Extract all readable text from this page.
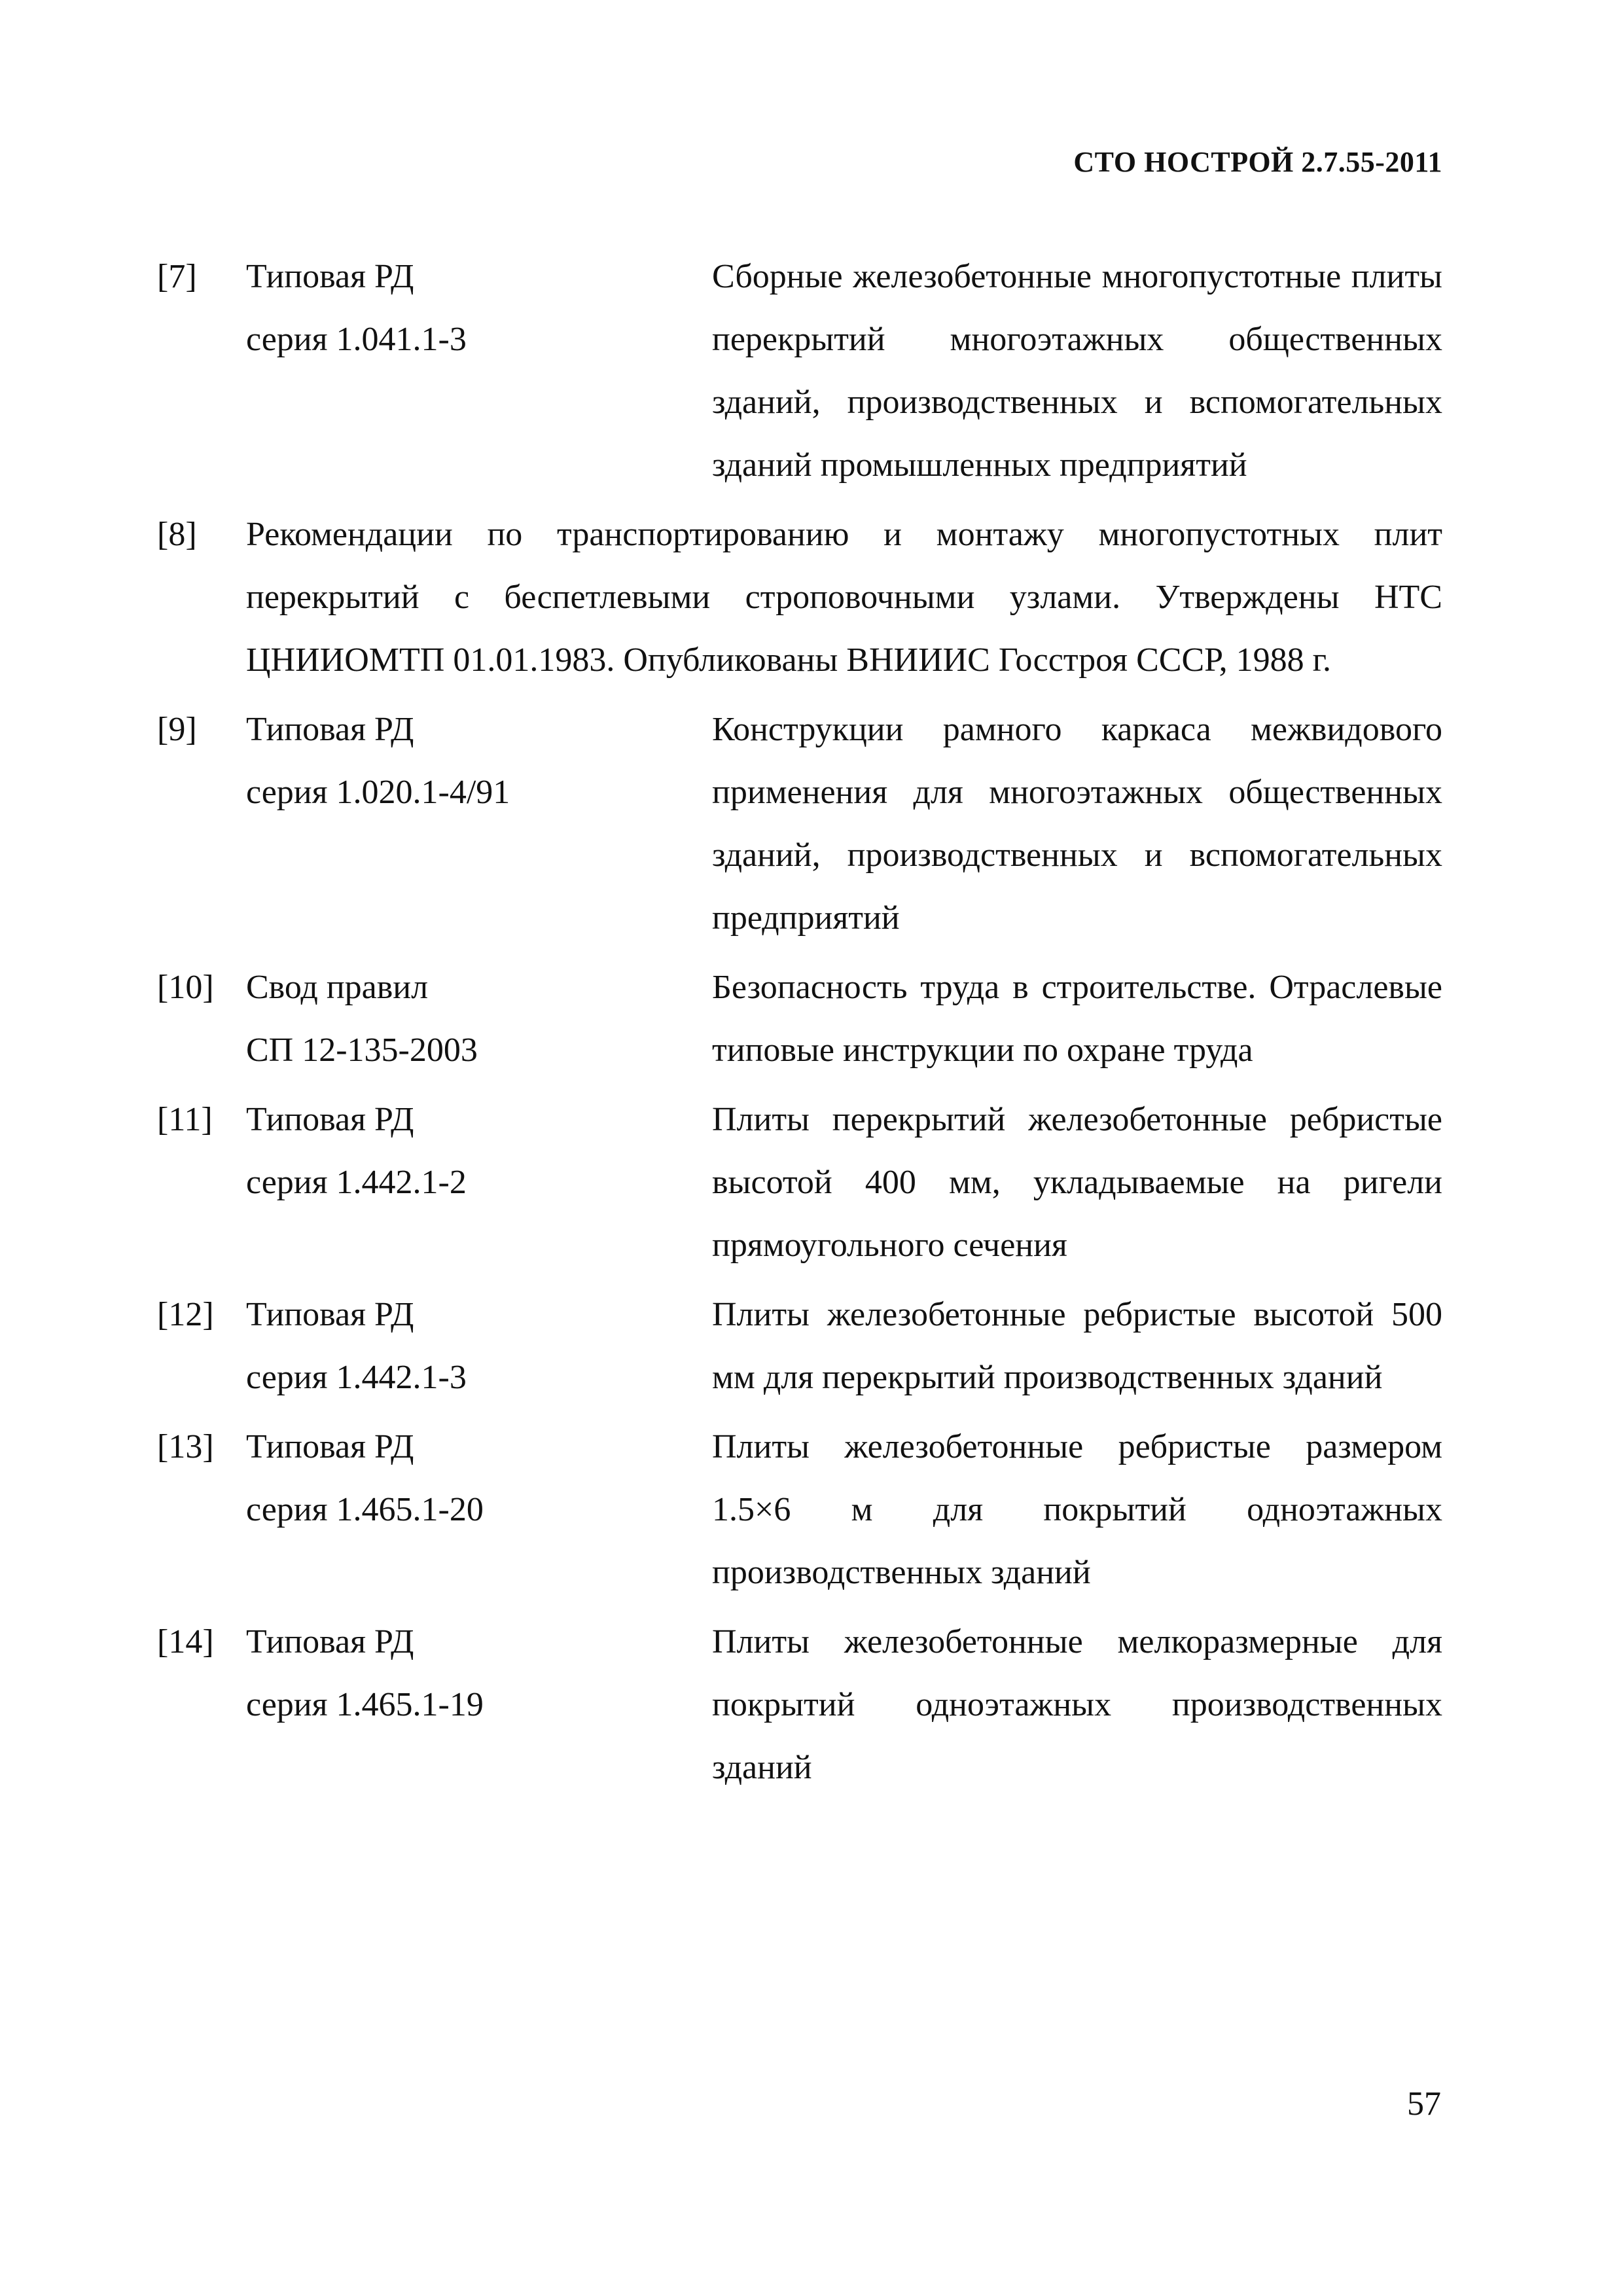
СТО НОСТРОЙ 2.7.55-2011
[7] Типовая РД
серия 1.041.1-3
Сборные железобетонные многопустотные плиты перекрытий многоэтажных общественных зданий, производственных и вспомогательных зданий промышленных предприятий
[8] Рекомендации по транспортированию и монтажу многопустотных плит перекрытий с беспетлевыми строповочными узлами. Утверждены НТС ЦНИИОМТП 01.01.1983. Опубликованы ВНИИИС Госстроя СССР, 1988 г.
[9] Типовая РД
серия 1.020.1-4/91
Конструкции рамного каркаса межвидового применения для многоэтажных общественных зданий, производственных и вспомогательных предприятий
[10] Свод правил
СП 12-135-2003
Безопасность труда в строительстве. Отраслевые типовые инструкции по охране труда
[11] Типовая РД
серия 1.442.1-2
Плиты перекрытий железобетонные ребристые высотой 400 мм, укладываемые на ригели прямоугольного сечения
[12] Типовая РД
серия 1.442.1-3
Плиты железобетонные ребристые высотой 500 мм для перекрытий производственных зданий
[13] Типовая РД
серия 1.465.1-20
Плиты железобетонные ребристые размером 1.5×6 м для покрытий одноэтажных производственных зданий
[14] Типовая РД
серия 1.465.1-19
Плиты железобетонные мелкоразмерные для покрытий одноэтажных производственных зданий
57
